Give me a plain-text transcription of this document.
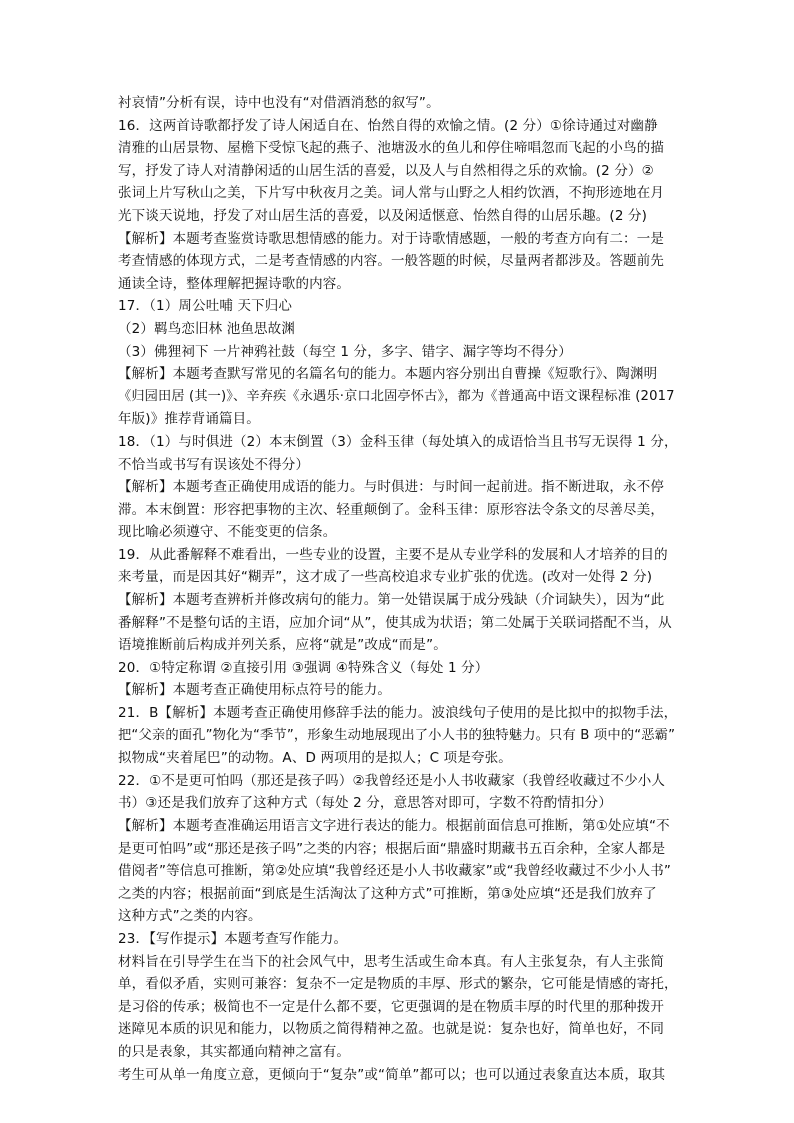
衬哀情”分析有误，诗中也没有“对借酒消愁的叙写”。
16．这两首诗歌都抒发了诗人闲适自在、怡然自得的欢愉之情。(2 分）①徐诗通过对幽静
清雅的山居景物、屋檐下受惊飞起的燕子、池塘汲水的鱼儿和停住啼唱忽而飞起的小鸟的描
写，抒发了诗人对清静闲适的山居生活的喜爱，以及人与自然相得之乐的欢愉。(2 分）②
张词上片写秋山之美，下片写中秋夜月之美。词人常与山野之人相约饮酒，不拘形迹地在月
光下谈天说地，抒发了对山居生活的喜爱，以及闲适惬意、怡然自得的山居乐趣。(2 分)
【解析】本题考查鉴赏诗歌思想情感的能力。对于诗歌情感题，一般的考查方向有二：一是
考查情感的体现方式，二是考查情感的内容。一般答题的时候，尽量两者都涉及。答题前先
通读全诗，整体理解把握诗歌的内容。
17．（1）周公吐哺 天下归心
（2）羁鸟恋旧林 池鱼思故渊
（3）佛狸祠下 一片神鸦社鼓（每空 1 分，多字、错字、漏字等均不得分）
【解析】本题考查默写常见的名篇名句的能力。本题内容分别出自曹操《短歌行》、陶渊明
《归园田居 (其一)》、辛弃疾《永遇乐·京口北固亭怀古》，都为《普通高中语文课程标准 (2017
年版)》推荐背诵篇目。
18．（1）与时俱进（2）本末倒置（3）金科玉律（每处填入的成语恰当且书写无误得 1 分，
不恰当或书写有误该处不得分）
【解析】本题考查正确使用成语的能力。与时俱进：与时间一起前进。指不断进取，永不停
滞。本末倒置：形容把事物的主次、轻重颠倒了。金科玉律：原形容法令条文的尽善尽美，
现比喻必须遵守、不能变更的信条。
19．从此番解释不难看出，一些专业的设置，主要不是从专业学科的发展和人才培养的目的
来考量，而是因其好“糊弄”，这才成了一些高校追求专业扩张的优选。(改对一处得 2 分)
【解析】本题考查辨析并修改病句的能力。第一处错误属于成分残缺（介词缺失），因为“此
番解释”不是整句话的主语，应加介词“从”，使其成为状语；第二处属于关联词搭配不当，从
语境推断前后构成并列关系，应将“就是”改成“而是”。
20．①特定称谓 ②直接引用 ③强调 ④特殊含义（每处 1 分）
【解析】本题考查正确使用标点符号的能力。
21．B【解析】本题考查正确使用修辞手法的能力。波浪线句子使用的是比拟中的拟物手法，
把“父亲的面孔”物化为“季节”，形象生动地展现出了小人书的独特魅力。只有 B 项中的“恶霸”
拟物成“夹着尾巴”的动物。A、D 两项用的是拟人；C 项是夸张。
22．①不是更可怕吗（那还是孩子吗）②我曾经还是小人书收藏家（我曾经收藏过不少小人
书）③还是我们放弃了这种方式（每处 2 分，意思答对即可，字数不符酌情扣分）
【解析】本题考查准确运用语言文字进行表达的能力。根据前面信息可推断，第①处应填“不
是更可怕吗”或“那还是孩子吗”之类的内容；根据后面“鼎盛时期藏书五百余种，全家人都是
借阅者”等信息可推断，第②处应填“我曾经还是小人书收藏家”或“我曾经收藏过不少小人书”
之类的内容；根据前面“到底是生活淘汰了这种方式”可推断，第③处应填“还是我们放弃了
这种方式”之类的内容。
23．【写作提示】本题考查写作能力。
材料旨在引导学生在当下的社会风气中，思考生活或生命本真。有人主张复杂，有人主张简
单，看似矛盾，实则可兼容：复杂不一定是物质的丰厚、形式的繁杂，它可能是情感的寄托，
是习俗的传承；极简也不一定是什么都不要，它更强调的是在物质丰厚的时代里的那种拨开
迷障见本质的识见和能力，以物质之简得精神之盈。也就是说：复杂也好，简单也好，不同
的只是表象，其实都通向精神之富有。
考生可从单一角度立意，更倾向于“复杂”或“简单”都可以；也可以通过表象直达本质，取其
